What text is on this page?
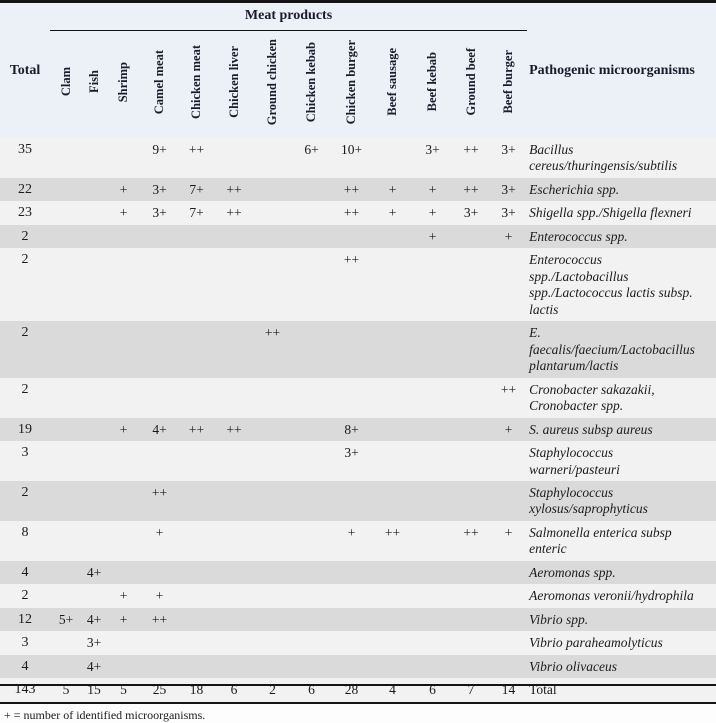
Total	Meat products													Pathogenic microorganisms
	Clam	Fish	Shrimp	Camel meat	Chicken meat	Chicken liver	Ground chicken	Chicken kebab	Chicken burger	Beef sausage	Beef kebab	Ground beef	Beef burger	
35				9+	++			6+	10+		3+	++	3+	Bacillus cereus/thuringensis/subtilis
22			+	3+	7+	++			++	+	+	++	3+	Escherichia spp.
23			+	3+	7+	++			++	+	+	3+	3+	Shigella spp./Shigella flexneri
2											+		+	Enterococcus spp.
2									++					Enterococcus spp./Lactobacillus spp./Lactococcus lactis subsp. lactis
2							++							E. faecalis/faecium/Lactobacillus plantarum/lactis
2													++	Cronobacter sakazakii, Cronobacter spp.
19			+	4+	++	++			8+				+	S. aureus subsp aureus
3									3+					Staphylococcus warneri/pasteuri
2				++										Staphylococcus xylosus/saprophyticus
8				+					+	++		++	+	Salmonella enterica subsp enteric
4		4+												Aeromonas spp.
2			+	+										Aeromonas veronii/hydrophila
12	5+	4+	+	++										Vibrio spp.
3		3+												Vibrio paraheamolyticus
4		4+												Vibrio olivaceus
143	5	15	5	25	18	6	2	6	28	4	6	7	14	Total
+ = number of identified microorganisms.
